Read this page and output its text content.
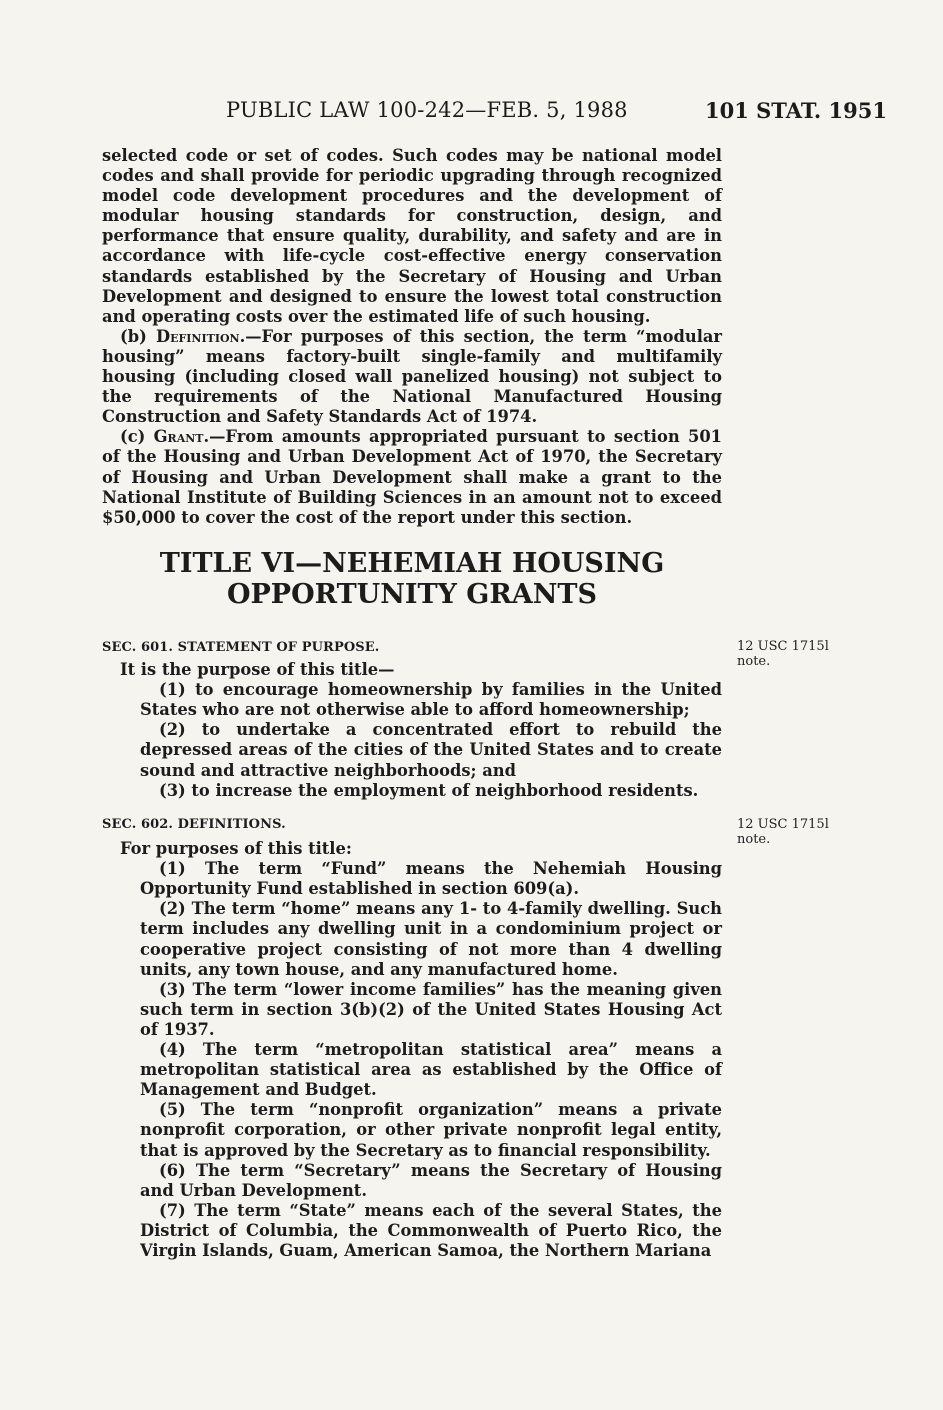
PUBLIC LAW 100-242—FEB. 5, 1988	101 STAT. 1951

selected code or set of codes. Such codes may be national model codes and shall provide for periodic upgrading through recognized model code development procedures and the development of modular housing standards for construction, design, and performance that ensure quality, durability, and safety and are in accordance with life-cycle cost-effective energy conservation standards established by the Secretary of Housing and Urban Development and designed to ensure the lowest total construction and operating costs over the estimated life of such housing.

(b) Definition.—For purposes of this section, the term “modular housing” means factory-built single-family and multifamily housing (including closed wall panelized housing) not subject to the requirements of the National Manufactured Housing Construction and Safety Standards Act of 1974.

(c) Grant.—From amounts appropriated pursuant to section 501 of the Housing and Urban Development Act of 1970, the Secretary of Housing and Urban Development shall make a grant to the National Institute of Building Sciences in an amount not to exceed $50,000 to cover the cost of the report under this section.

TITLE VI—NEHEMIAH HOUSING
OPPORTUNITY GRANTS

SEC. 601. STATEMENT OF PURPOSE.

It is the purpose of this title—

(1) to encourage homeownership by families in the United States who are not otherwise able to afford homeownership;

(2) to undertake a concentrated effort to rebuild the depressed areas of the cities of the United States and to create sound and attractive neighborhoods; and

(3) to increase the employment of neighborhood residents.

12 USC 1715l
note.

SEC. 602. DEFINITIONS.

For purposes of this title:

(1) The term “Fund” means the Nehemiah Housing Opportunity Fund established in section 609(a).

(2) The term “home” means any 1- to 4-family dwelling. Such term includes any dwelling unit in a condominium project or cooperative project consisting of not more than 4 dwelling units, any town house, and any manufactured home.

(3) The term “lower income families” has the meaning given such term in section 3(b)(2) of the United States Housing Act of 1937.

(4) The term “metropolitan statistical area” means a metropolitan statistical area as established by the Office of Management and Budget.

(5) The term “nonprofit organization” means a private nonprofit corporation, or other private nonprofit legal entity, that is approved by the Secretary as to financial responsibility.

(6) The term “Secretary” means the Secretary of Housing and Urban Development.

(7) The term “State” means each of the several States, the District of Columbia, the Commonwealth of Puerto Rico, the Virgin Islands, Guam, American Samoa, the Northern Mariana

12 USC 1715l
note.
